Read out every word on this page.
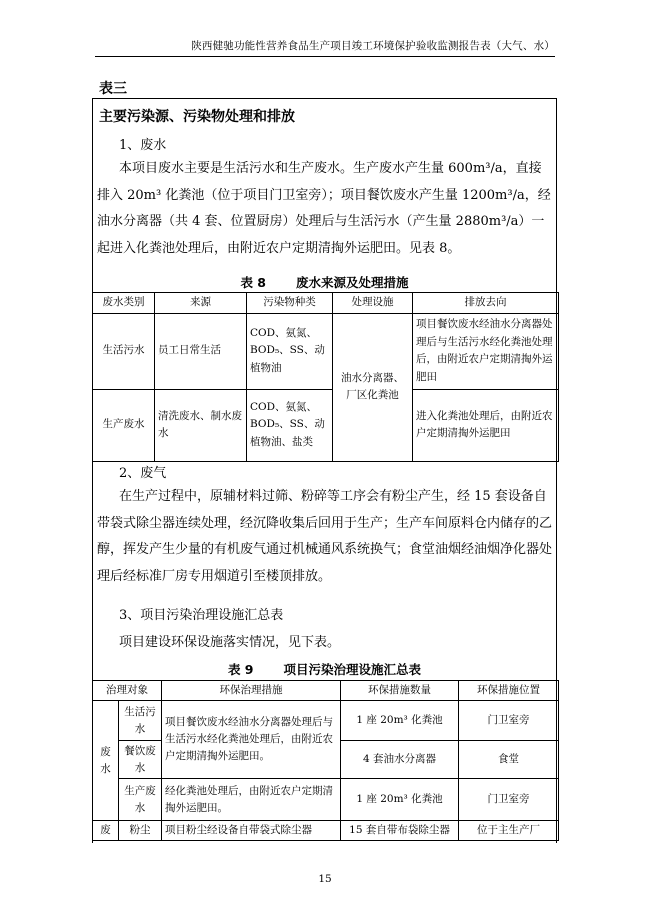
陕西健驰功能性营养食品生产项目竣工环境保护验收监测报告表（大气、水）
表三
主要污染源、污染物处理和排放
1、废水

本项目废水主要是生活污水和生产废水。生产废水产生量 600m³/a，直接排入 20m³ 化粪池（位于项目门卫室旁）；项目餐饮废水产生量 1200m³/a，经油水分离器（共 4 套、位置厨房）处理后与生活污水（产生量 2880m³/a）一起进入化粪池处理后，由附近农户定期清掏外运肥田。见表 8。

表 8 废水来源及处理措施
废水类别	来源	污染物种类	处理设施	排放去向
生活污水	员工日常生活	COD、氨氮、BOD₅、SS、动植物油	油水分离器、厂区化粪池	项目餐饮废水经油水分离器处理后与生活污水经化粪池处理后，由附近农户定期清掏外运肥田
生产废水	清洗废水、制水废水	COD、氨氮、BOD₅、SS、动植物油、盐类		进入化粪池处理后，由附近农户定期清掏外运肥田
2、废气

在生产过程中，原辅材料过筛、粉碎等工序会有粉尘产生，经 15 套设备自带袋式除尘器连续处理，经沉降收集后回用于生产；生产车间原料仓内储存的乙醇，挥发产生少量的有机废气通过机械通风系统换气；食堂油烟经油烟净化器处理后经标准厂房专用烟道引至楼顶排放。

3、项目污染治理设施汇总表
项目建设环保设施落实情况，见下表。
表 9 项目污染治理设施汇总表
治理对象		环保治理措施	环保措施数量	环保措施位置
废水	生活污水	项目餐饮废水经油水分离器处理后与生活污水经化粪池处理后，由附近农户定期清掏外运肥田。	1 座 20m³ 化粪池	门卫室旁
	餐饮废水		4 套油水分离器	食堂
	生产废水	经化粪池处理后，由附近农户定期清掏外运肥田。	1 座 20m³ 化粪池	门卫室旁
废	粉尘	项目粉尘经设备自带袋式除尘器	15 套自带布袋除尘器	位于主生产厂
15
